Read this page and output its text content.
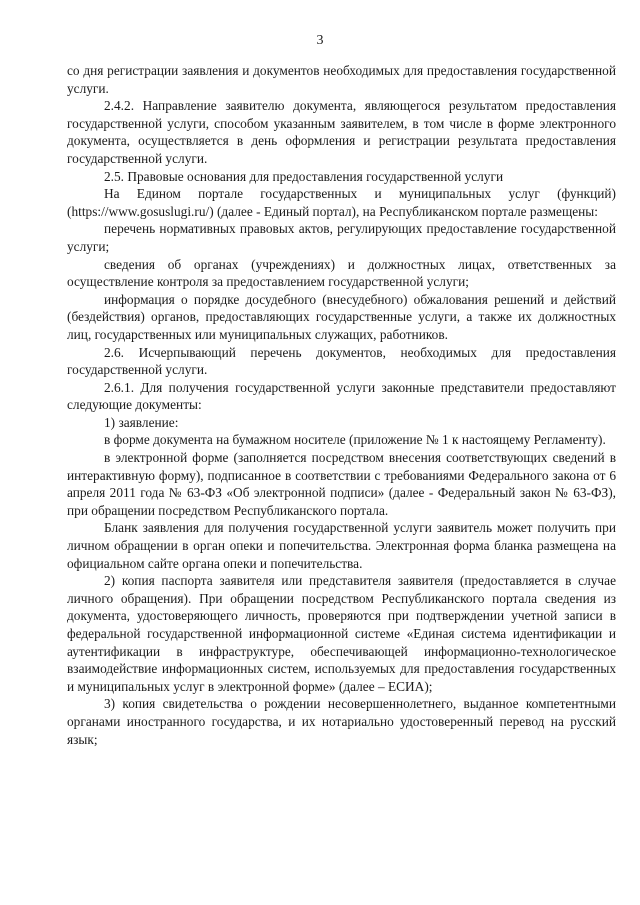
3

со дня регистрации заявления и документов необходимых для предоставления государственной услуги.

2.4.2. Направление заявителю документа, являющегося результатом предоставления государственной услуги, способом указанным заявителем, в том числе в форме электронного документа, осуществляется в день оформления и регистрации результата предоставления государственной услуги.

2.5. Правовые основания для предоставления государственной услуги

На Едином портале государственных и муниципальных услуг (функций) (https://www.gosuslugi.ru/) (далее - Единый портал), на Республиканском портале размещены:

перечень нормативных правовых актов, регулирующих предоставление государственной услуги;

сведения об органах (учреждениях) и должностных лицах, ответственных за осуществление контроля за предоставлением государственной услуги;

информация о порядке досудебного (внесудебного) обжалования решений и действий (бездействия) органов, предоставляющих государственные услуги, а также их должностных лиц, государственных или муниципальных служащих, работников.

2.6. Исчерпывающий перечень документов, необходимых для предоставления государственной услуги.

2.6.1. Для получения государственной услуги законные представители предоставляют следующие документы:

1) заявление:

в форме документа на бумажном носителе (приложение № 1 к настоящему Регламенту).

в электронной форме (заполняется посредством внесения соответствующих сведений в интерактивную форму), подписанное в соответствии с требованиями Федерального закона от 6 апреля 2011 года № 63-ФЗ «Об электронной подписи» (далее - Федеральный закон № 63-ФЗ), при обращении посредством Республиканского портала.

Бланк заявления для получения государственной услуги заявитель может получить при личном обращении в орган опеки и попечительства. Электронная форма бланка размещена на официальном сайте органа опеки и попечительства.

2) копия паспорта заявителя или представителя заявителя (предоставляется в случае личного обращения). При обращении посредством Республиканского портала сведения из документа, удостоверяющего личность, проверяются при подтверждении учетной записи в федеральной государственной информационной системе «Единая система идентификации и аутентификации в инфраструктуре, обеспечивающей информационно-технологическое взаимодействие информационных систем, используемых для предоставления государственных и муниципальных услуг в электронной форме» (далее – ЕСИА);

3) копия свидетельства о рождении несовершеннолетнего, выданное компетентными органами иностранного государства, и их нотариально удостоверенный перевод на русский язык;
